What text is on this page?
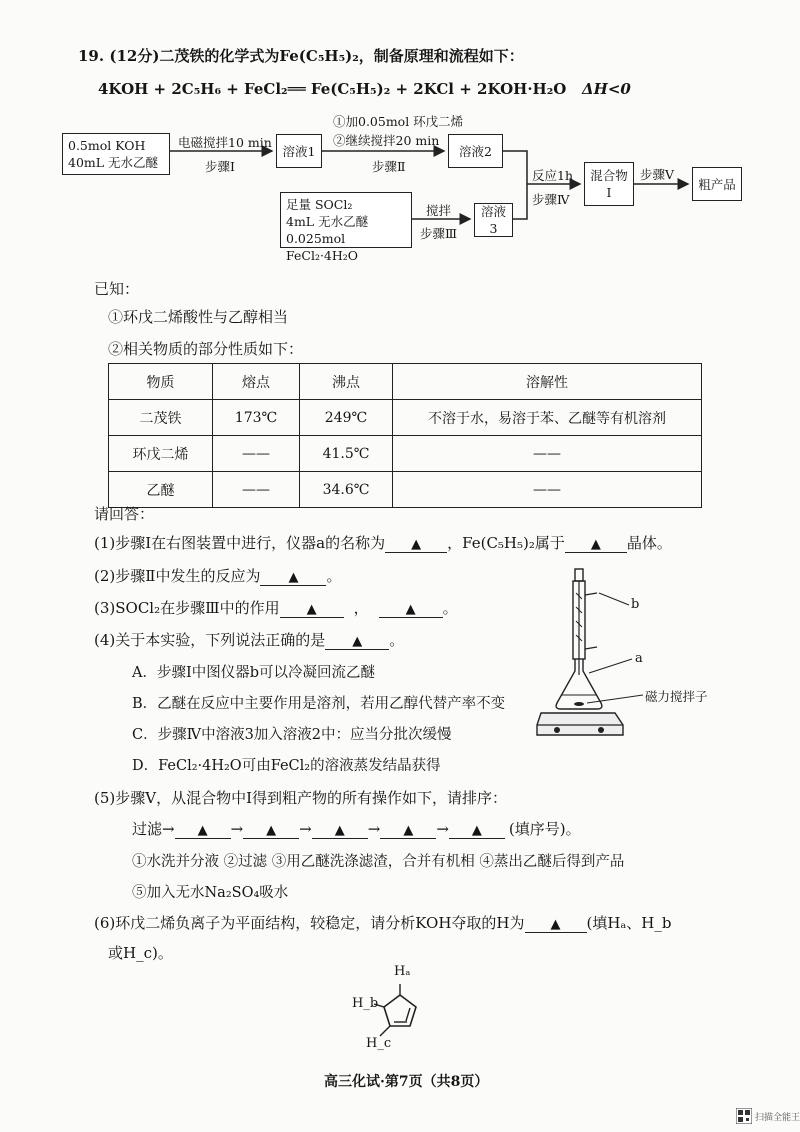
19. (12分)二茂铁的化学式为Fe(C₅H₅)₂，制备原理和流程如下：
4KOH + 2C₅H₆ + FeCl₂══ Fe(C₅H₅)₂ + 2KCl + 2KOH·H₂O ΔH<0
0.5mol KOH
40mL 无水乙醚
电磁搅拌10 min
步骤Ⅰ
溶液1
①加0.05mol 环戊二烯
②继续搅拌20 min
步骤Ⅱ
溶液2
足量 SOCl₂
4mL 无水乙醚
0.025mol FeCl₂·4H₂O
搅拌
步骤Ⅲ
溶液3
反应1h
步骤Ⅳ
混合物
Ⅰ
步骤Ⅴ
粗产品
已知：
①环戊二烯酸性与乙醇相当
②相关物质的部分性质如下：
物质	熔点	沸点	溶解性
二茂铁	173℃	249℃	不溶于水，易溶于苯、乙醚等有机溶剂
环戊二烯	——	41.5℃	——
乙醚	——	34.6℃	——
请回答：
(1)步骤Ⅰ在右图装置中进行，仪器a的名称为 ▲ ，Fe(C₅H₅)₂属于 ▲ 晶体。
(2)步骤Ⅱ中发生的反应为 ▲ 。
(3)SOCl₂在步骤Ⅲ中的作用 ▲ ，	▲ 。
(4)关于本实验，下列说法正确的是 ▲ 。
A．步骤Ⅰ中图仪器b可以冷凝回流乙醚
B．乙醚在反应中主要作用是溶剂，若用乙醇代替产率不变
C．步骤Ⅳ中溶液3加入溶液2中：应当分批次缓慢
D．FeCl₂·4H₂O可由FeCl₂的溶液蒸发结晶获得
b
a
磁力搅拌子
(5)步骤Ⅴ，从混合物中Ⅰ得到粗产物的所有操作如下，请排序：
过滤→ ▲ → ▲ → ▲ → ▲ → ▲ (填序号)。
①水洗并分液 ②过滤 ③用乙醚洗涤滤渣，合并有机相 ④蒸出乙醚后得到产品
⑤加入无水Na₂SO₄吸水
(6)环戊二烯负离子为平面结构，较稳定，请分析KOH夺取的H为 ▲ (填Hₐ、H_b
或H_c)。
Hₐ
H_b
H_c
高三化试·第7页（共8页）
扫描全能王
